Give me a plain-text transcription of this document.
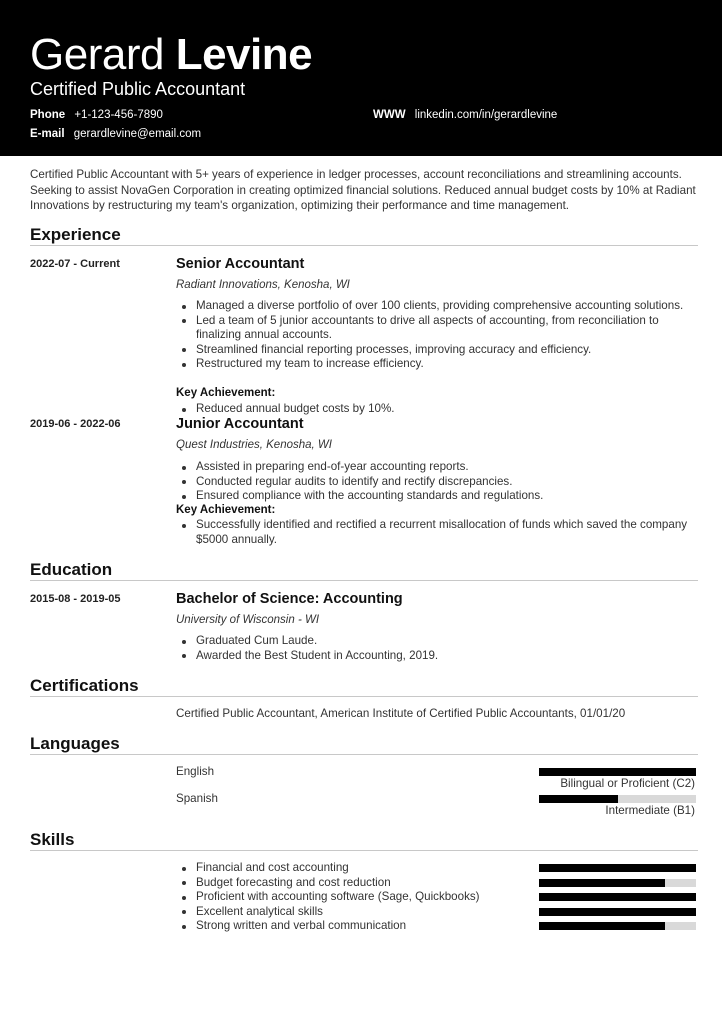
Gerard Levine
Certified Public Accountant
Phone +1-123-456-7890
E-mail gerardlevine@email.com
WWW linkedin.com/in/gerardlevine
Certified Public Accountant with 5+ years of experience in ledger processes, account reconciliations and streamlining accounts. Seeking to assist NovaGen Corporation in creating optimized financial solutions. Reduced annual budget costs by 10% at Radiant Innovations by restructuring my team's organization, optimizing their performance and time management.
Experience
2022-07 - Current	Senior Accountant
Radiant Innovations, Kenosha, WI
Managed a diverse portfolio of over 100 clients, providing comprehensive accounting solutions.
Led a team of 5 junior accountants to drive all aspects of accounting, from reconciliation to finalizing annual accounts.
Streamlined financial reporting processes, improving accuracy and efficiency.
Restructured my team to increase efficiency.
Key Achievement:
Reduced annual budget costs by 10%.
2019-06 - 2022-06	Junior Accountant
Quest Industries, Kenosha, WI
Assisted in preparing end-of-year accounting reports.
Conducted regular audits to identify and rectify discrepancies.
Ensured compliance with the accounting standards and regulations.
Key Achievement:
Successfully identified and rectified a recurrent misallocation of funds which saved the company $5000 annually.
Education
2015-08 - 2019-05	Bachelor of Science: Accounting
University of Wisconsin - WI
Graduated Cum Laude.
Awarded the Best Student in Accounting, 2019.
Certifications
Certified Public Accountant, American Institute of Certified Public Accountants, 01/01/20
Languages
English
Bilingual or Proficient (C2)
Spanish
Intermediate (B1)
Skills
Financial and cost accounting
Budget forecasting and cost reduction
Proficient with accounting software (Sage, Quickbooks)
Excellent analytical skills
Strong written and verbal communication
